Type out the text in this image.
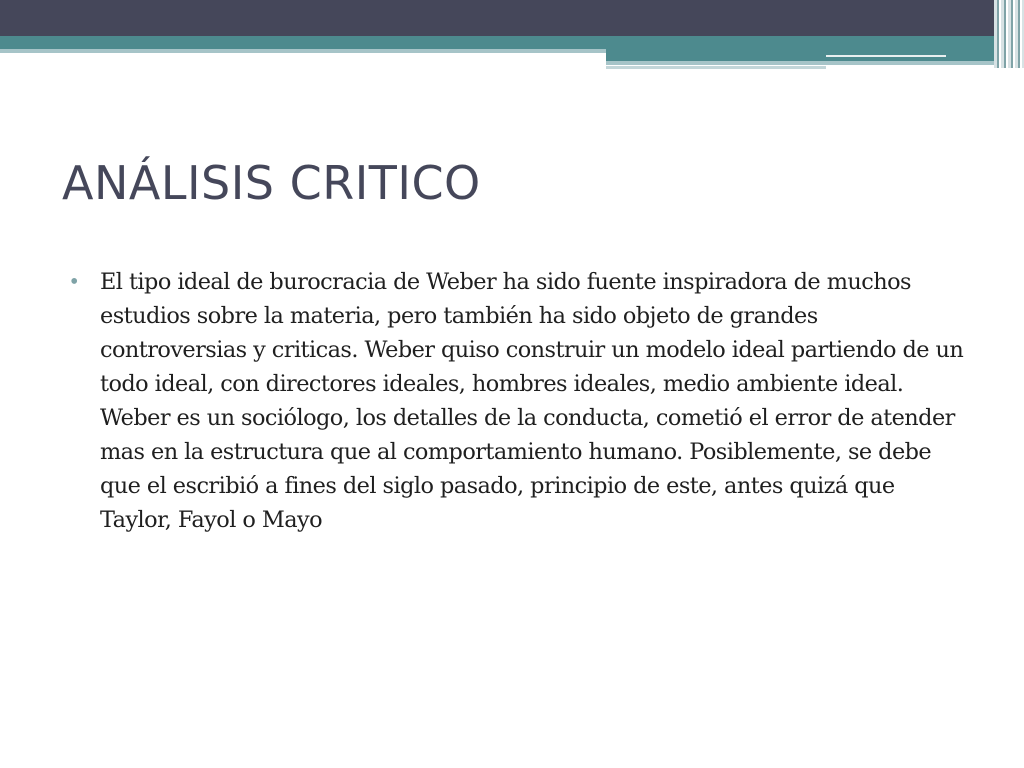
ANÁLISIS CRITICO
• El tipo ideal de burocracia de Weber ha sido fuente inspiradora de muchos estudios sobre la materia, pero también ha sido objeto de grandes controversias y criticas. Weber quiso construir un modelo ideal partiendo de un todo ideal, con directores ideales, hombres ideales, medio ambiente ideal. Weber es un sociólogo, los detalles de la conducta, cometió el error de atender mas en la estructura que al comportamiento humano. Posiblemente, se debe que el escribió a fines del siglo pasado, principio de este, antes quizá que Taylor, Fayol o Mayo
